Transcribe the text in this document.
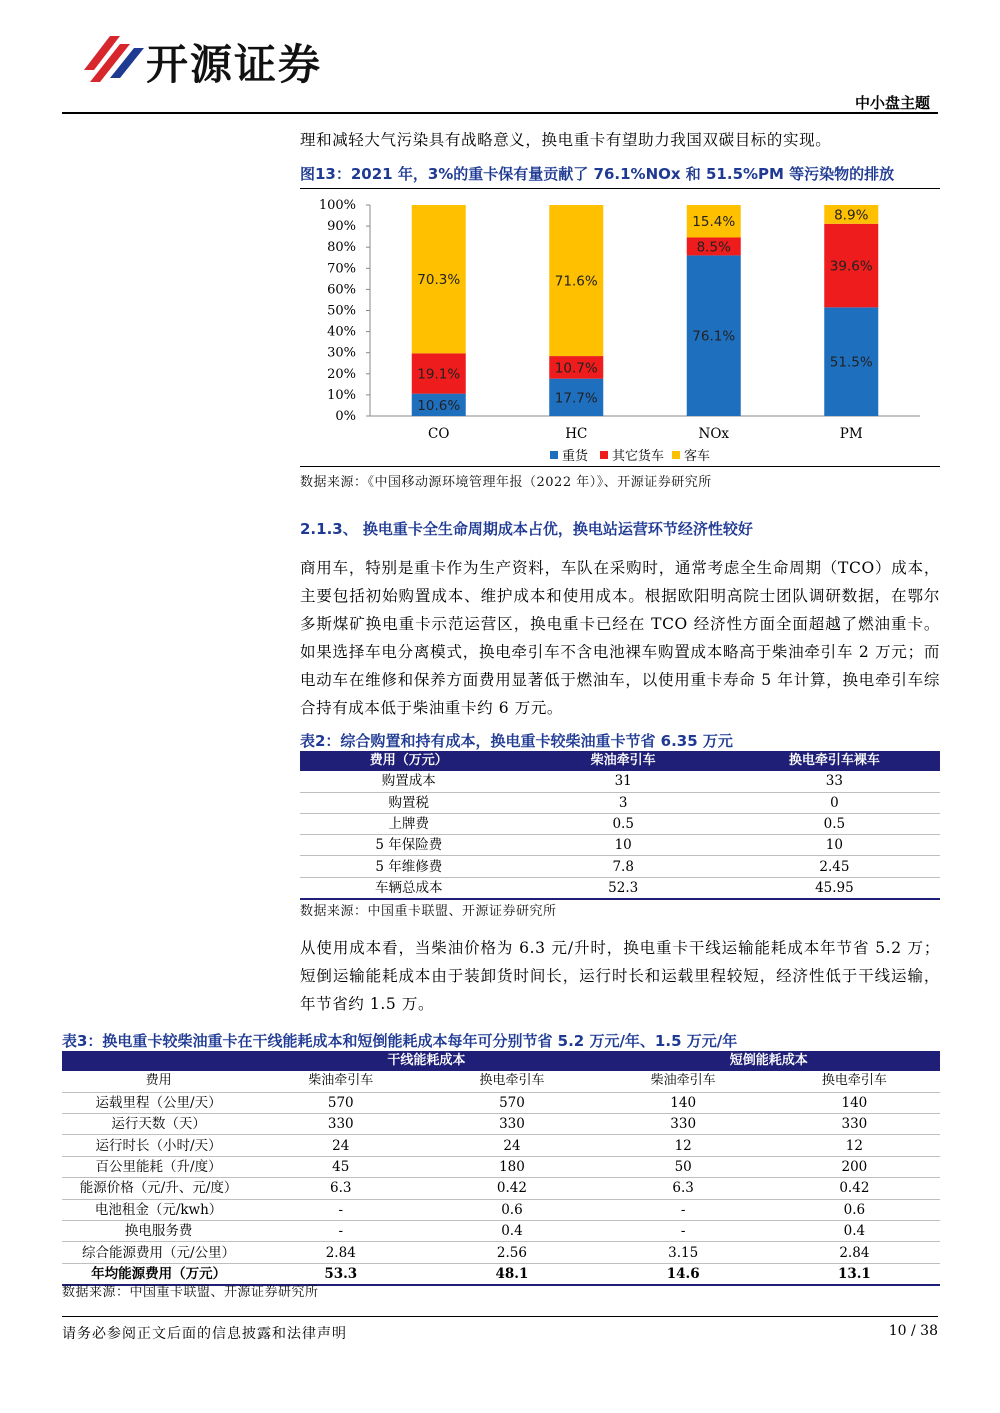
开源证券
中小盘主题
理和减轻大气污染具有战略意义，换电重卡有望助力我国双碳目标的实现。
图13：2021 年，3%的重卡保有量贡献了 76.1%NOx 和 51.5%PM 等污染物的排放
0%
10%
20%
30%
40%
50%
60%
70%
80%
90%
100%
10.6%
19.1%
70.3%
CO
17.7%
10.7%
71.6%
HC
76.1%
8.5%
15.4%
NOx
51.5%
39.6%
8.9%
PM
重货 其它货车 客车
数据来源：《中国移动源环境管理年报（2022 年）》、开源证券研究所
2.1.3、 换电重卡全生命周期成本占优，换电站运营环节经济性较好
商用车，特别是重卡作为生产资料，车队在采购时，通常考虑全生命周期（TCO）成本，主要包括初始购置成本、维护成本和使用成本。根据欧阳明高院士团队调研数据，在鄂尔多斯煤矿换电重卡示范运营区，换电重卡已经在 TCO 经济性方面全面超越了燃油重卡。如果选择车电分离模式，换电牵引车不含电池裸车购置成本略高于柴油牵引车 2 万元；而电动车在维修和保养方面费用显著低于燃油车，以使用重卡寿命 5 年计算，换电牵引车综合持有成本低于柴油重卡约 6 万元。
表2：综合购置和持有成本，换电重卡较柴油重卡节省 6.35 万元
费用（万元）	柴油牵引车	换电牵引车裸车
购置成本	31	33
购置税	3	0
上牌费	0.5	0.5
5 年保险费	10	10
5 年维修费	7.8	2.45
车辆总成本	52.3	45.95
数据来源：中国重卡联盟、开源证券研究所
从使用成本看，当柴油价格为 6.3 元/升时，换电重卡干线运输能耗成本年节省 5.2 万；短倒运输能耗成本由于装卸货时间长，运行时长和运载里程较短，经济性低于干线运输，年节省约 1.5 万。
表3：换电重卡较柴油重卡在干线能耗成本和短倒能耗成本每年可分别节省 5.2 万元/年、1.5 万元/年
	干线能耗成本		短倒能耗成本	
费用	柴油牵引车	换电牵引车	柴油牵引车	换电牵引车
运载里程（公里/天）	570	570	140	140
运行天数（天）	330	330	330	330
运行时长（小时/天）	24	24	12	12
百公里能耗（升/度）	45	180	50	200
能源价格（元/升、元/度）	6.3	0.42	6.3	0.42
电池租金（元/kwh）	-	0.6	-	0.6
换电服务费	-	0.4	-	0.4
综合能源费用（元/公里）	2.84	2.56	3.15	2.84
年均能源费用（万元）	53.3	48.1	14.6	13.1
数据来源：中国重卡联盟、开源证券研究所
请务必参阅正文后面的信息披露和法律声明	10 / 38
